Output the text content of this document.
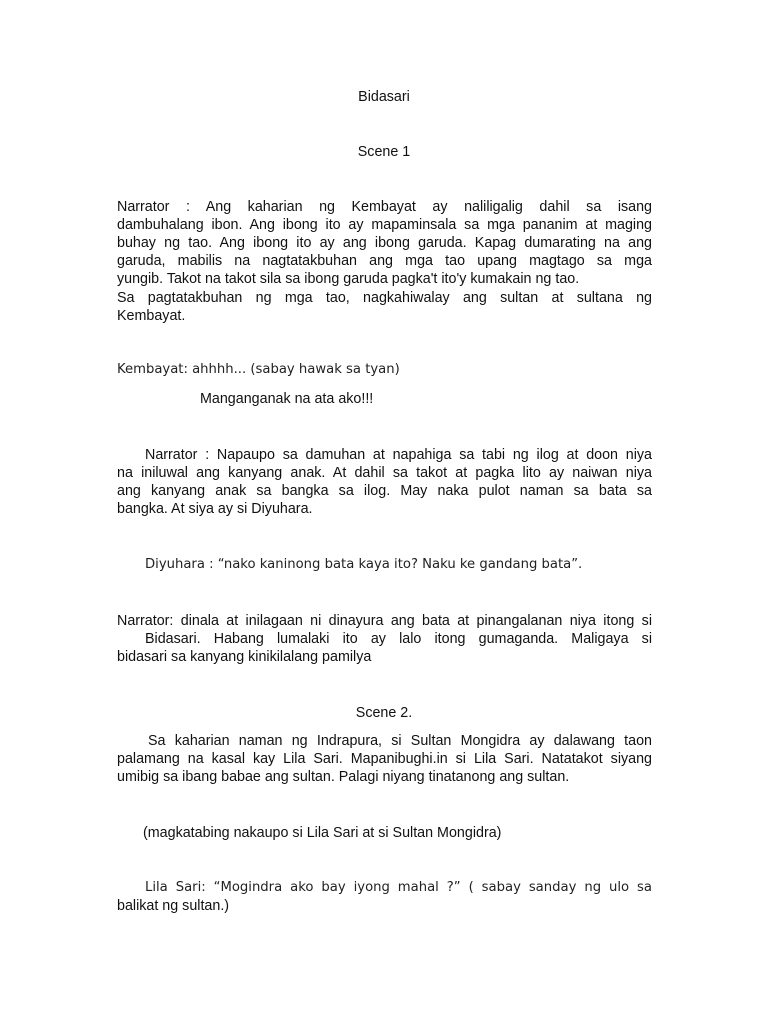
Bidasari
Scene 1
Narrator : Ang kaharian ng Kembayat ay naliligalig dahil sa isang
dambuhalang ibon. Ang ibong ito ay mapaminsala sa mga pananim at maging
buhay ng tao. Ang ibong ito ay ang ibong garuda. Kapag dumarating na ang
garuda, mabilis na nagtatakbuhan ang mga tao upang magtago sa mga
yungib. Takot na takot sila sa ibong garuda pagka't ito'y kumakain ng tao.
Sa pagtatakbuhan ng mga tao, nagkahiwalay ang sultan at sultana ng
Kembayat.
Kembayat: ahhhh... (sabay hawak sa tyan)
Manganganak na ata ako!!!
Narrator : Napaupo sa damuhan at napahiga sa tabi ng ilog at doon niya
na iniluwal ang kanyang anak. At dahil sa takot at pagka lito ay naiwan niya
ang kanyang anak sa bangka sa ilog. May naka pulot naman sa bata sa
bangka. At siya ay si Diyuhara.
Diyuhara : “nako kaninong bata kaya ito? Naku ke gandang bata”.
Narrator: dinala at inilagaan ni dinayura ang bata at pinangalanan niya itong si
Bidasari. Habang lumalaki ito ay lalo itong gumaganda. Maligaya si
bidasari sa kanyang kinikilalang pamilya
Scene 2.
Sa kaharian naman ng Indrapura, si Sultan Mongidra ay dalawang taon
palamang na kasal kay Lila Sari. Mapanibughi.in si Lila Sari. Natatakot siyang
umibig sa ibang babae ang sultan. Palagi niyang tinatanong ang sultan.
(magkatabing nakaupo si Lila Sari at si Sultan Mongidra)
Lila Sari: “Mogindra ako bay iyong mahal ?” ( sabay sanday ng ulo sa
balikat ng sultan.)
